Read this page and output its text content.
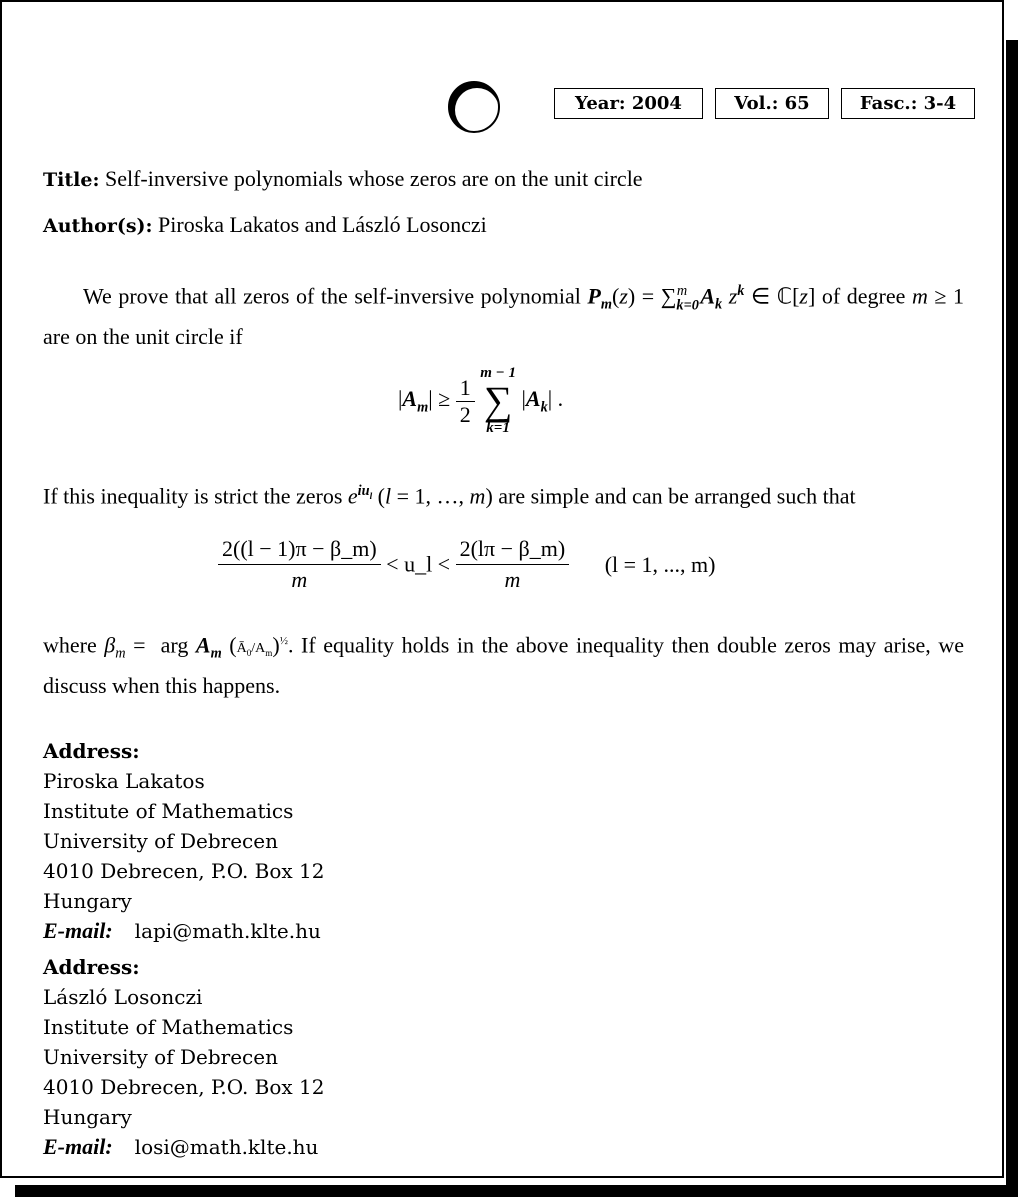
Year: 2004	Vol.: 65	Fasc.: 3-4
Title: Self-inversive polynomials whose zeros are on the unit circle
Author(s): Piroska Lakatos and László Losonczi
We prove that all zeros of the self-inversive polynomial $P_m(z) = \sum_{k=0}^m$ $A_k$ $z^k$ ∈ ℂ[z] of degree m ≥ 1 are on the unit circle if
$|A_m| \ge \frac{1}{2}$

m − 1
∑
k=1
$|A_k|$ .
If this inequality is strict the zeros $e^{iu_l}$ (l = 1, …, m) are simple and can be arranged such that
$\frac{2((l - 1)\pi - \beta\_m)}{m}$ < u_l < $\frac{2(l\pi - \beta\_m)}{m} (l = 1$, ..., m)
where $\beta_m$ =  arg $A_m$ $(Ā_0/A_m)^{\frac{1}{2}}$. If equality holds in the above inequality then double zeros may arise, we discuss when this happens.
Address:
Piroska Lakatos
Institute of Mathematics
University of Debrecen
4010 Debrecen, P.O. Box 12
Hungary
E-mail: lapi@math.klte.hu
Address:
László Losonczi
Institute of Mathematics
University of Debrecen
4010 Debrecen, P.O. Box 12
Hungary
E-mail: losi@math.klte.hu
